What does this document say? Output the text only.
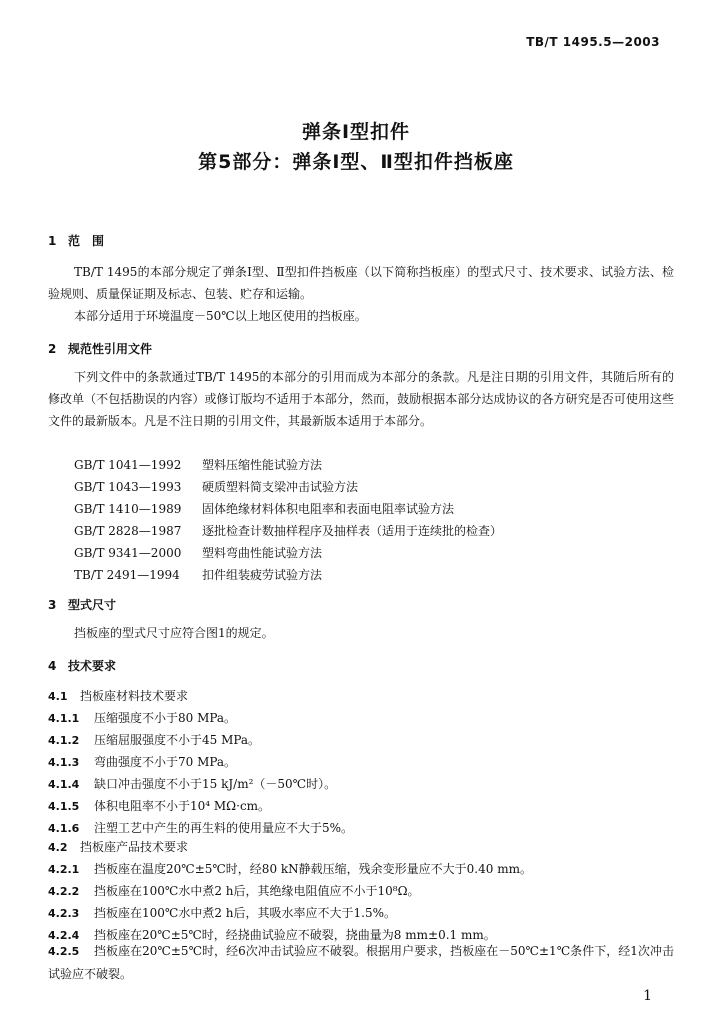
TB/T 1495.5—2003
弹条Ⅰ型扣件
第5部分：弹条Ⅰ型、Ⅱ型扣件挡板座
1 范　围
TB/T 1495的本部分规定了弹条Ⅰ型、Ⅱ型扣件挡板座（以下简称挡板座）的型式尺寸、技术要求、试验方法、检验规则、质量保证期及标志、包装、贮存和运输。
本部分适用于环境温度－50℃以上地区使用的挡板座。
2 规范性引用文件
下列文件中的条款通过TB/T 1495的本部分的引用而成为本部分的条款。凡是注日期的引用文件，其随后所有的修改单（不包括勘误的内容）或修订版均不适用于本部分，然而，鼓励根据本部分达成协议的各方研究是否可使用这些文件的最新版本。凡是不注日期的引用文件，其最新版本适用于本部分。
GB/T 1041—1992 塑料压缩性能试验方法
GB/T 1043—1993 硬质塑料简支梁冲击试验方法
GB/T 1410—1989 固体绝缘材料体积电阻率和表面电阻率试验方法
GB/T 2828—1987 逐批检查计数抽样程序及抽样表（适用于连续批的检查）
GB/T 9341—2000 塑料弯曲性能试验方法
TB/T 2491—1994 扣件组装疲劳试验方法
3 型式尺寸
挡板座的型式尺寸应符合图1的规定。
4 技术要求
4.1 挡板座材料技术要求
4.1.1 压缩强度不小于80 MPa。
4.1.2 压缩屈服强度不小于45 MPa。
4.1.3 弯曲强度不小于70 MPa。
4.1.4 缺口冲击强度不小于15 kJ/m²（－50℃时）。
4.1.5 体积电阻率不小于10⁴ MΩ·cm。
4.1.6 注塑工艺中产生的再生料的使用量应不大于5%。
4.2 挡板座产品技术要求
4.2.1 挡板座在温度20℃±5℃时，经80 kN静载压缩，残余变形量应不大于0.40 mm。
4.2.2 挡板座在100℃水中煮2 h后，其绝缘电阻值应不小于10⁸Ω。
4.2.3 挡板座在100℃水中煮2 h后，其吸水率应不大于1.5%。
4.2.4 挡板座在20℃±5℃时，经挠曲试验应不破裂，挠曲量为8 mm±0.1 mm。
4.2.5 挡板座在20℃±5℃时，经6次冲击试验应不破裂。根据用户要求，挡板座在－50℃±1℃条件下，经1次冲击试验应不破裂。
1
